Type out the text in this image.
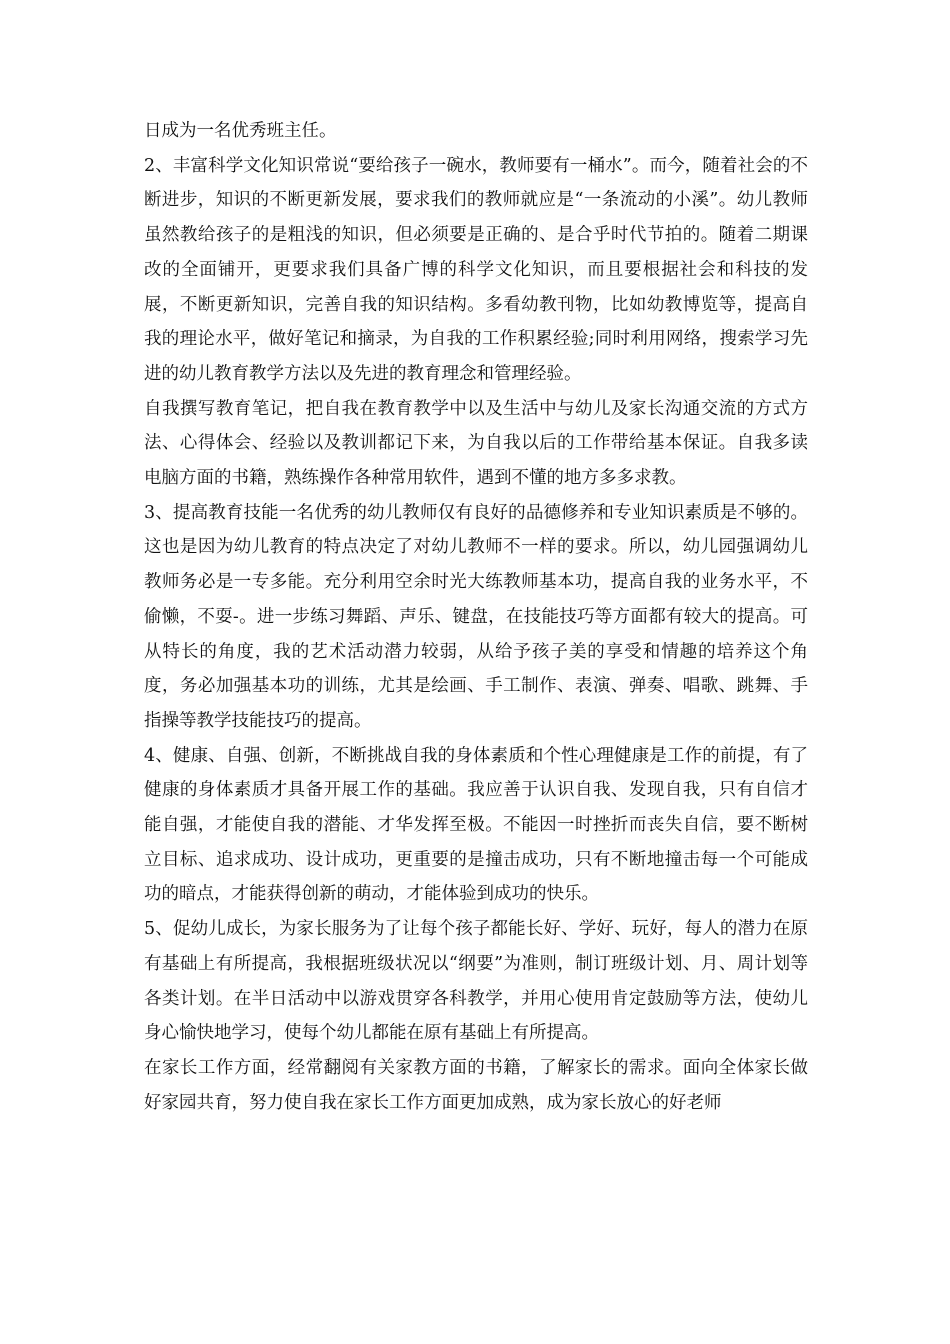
日成为一名优秀班主任。

2、丰富科学文化知识常说“要给孩子一碗水，教师要有一桶水”。而今，随着社会的不断进步，知识的不断更新发展，要求我们的教师就应是“一条流动的小溪”。幼儿教师虽然教给孩子的是粗浅的知识，但必须要是正确的、是合乎时代节拍的。随着二期课改的全面铺开，更要求我们具备广博的科学文化知识，而且要根据社会和科技的发展，不断更新知识，完善自我的知识结构。多看幼教刊物，比如幼教博览等，提高自我的理论水平，做好笔记和摘录，为自我的工作积累经验;同时利用网络，搜索学习先进的幼儿教育教学方法以及先进的教育理念和管理经验。

自我撰写教育笔记，把自我在教育教学中以及生活中与幼儿及家长沟通交流的方式方法、心得体会、经验以及教训都记下来，为自我以后的工作带给基本保证。自我多读电脑方面的书籍，熟练操作各种常用软件，遇到不懂的地方多多求教。

3、提高教育技能一名优秀的幼儿教师仅有良好的品德修养和专业知识素质是不够的。这也是因为幼儿教育的特点决定了对幼儿教师不一样的要求。所以，幼儿园强调幼儿教师务必是一专多能。充分利用空余时光大练教师基本功，提高自我的业务水平，不偷懒，不耍-。进一步练习舞蹈、声乐、键盘，在技能技巧等方面都有较大的提高。可从特长的角度，我的艺术活动潜力较弱，从给予孩子美的享受和情趣的培养这个角度，务必加强基本功的训练，尤其是绘画、手工制作、表演、弹奏、唱歌、跳舞、手指操等教学技能技巧的提高。

4、健康、自强、创新，不断挑战自我的身体素质和个性心理健康是工作的前提，有了健康的身体素质才具备开展工作的基础。我应善于认识自我、发现自我，只有自信才能自强，才能使自我的潜能、才华发挥至极。不能因一时挫折而丧失自信，要不断树立目标、追求成功、设计成功，更重要的是撞击成功，只有不断地撞击每一个可能成功的暗点，才能获得创新的萌动，才能体验到成功的快乐。

5、促幼儿成长，为家长服务为了让每个孩子都能长好、学好、玩好，每人的潜力在原有基础上有所提高，我根据班级状况以“纲要”为准则，制订班级计划、月、周计划等各类计划。在半日活动中以游戏贯穿各科教学，并用心使用肯定鼓励等方法，使幼儿身心愉快地学习，使每个幼儿都能在原有基础上有所提高。

在家长工作方面，经常翻阅有关家教方面的书籍，了解家长的需求。面向全体家长做好家园共育，努力使自我在家长工作方面更加成熟，成为家长放心的好老师
